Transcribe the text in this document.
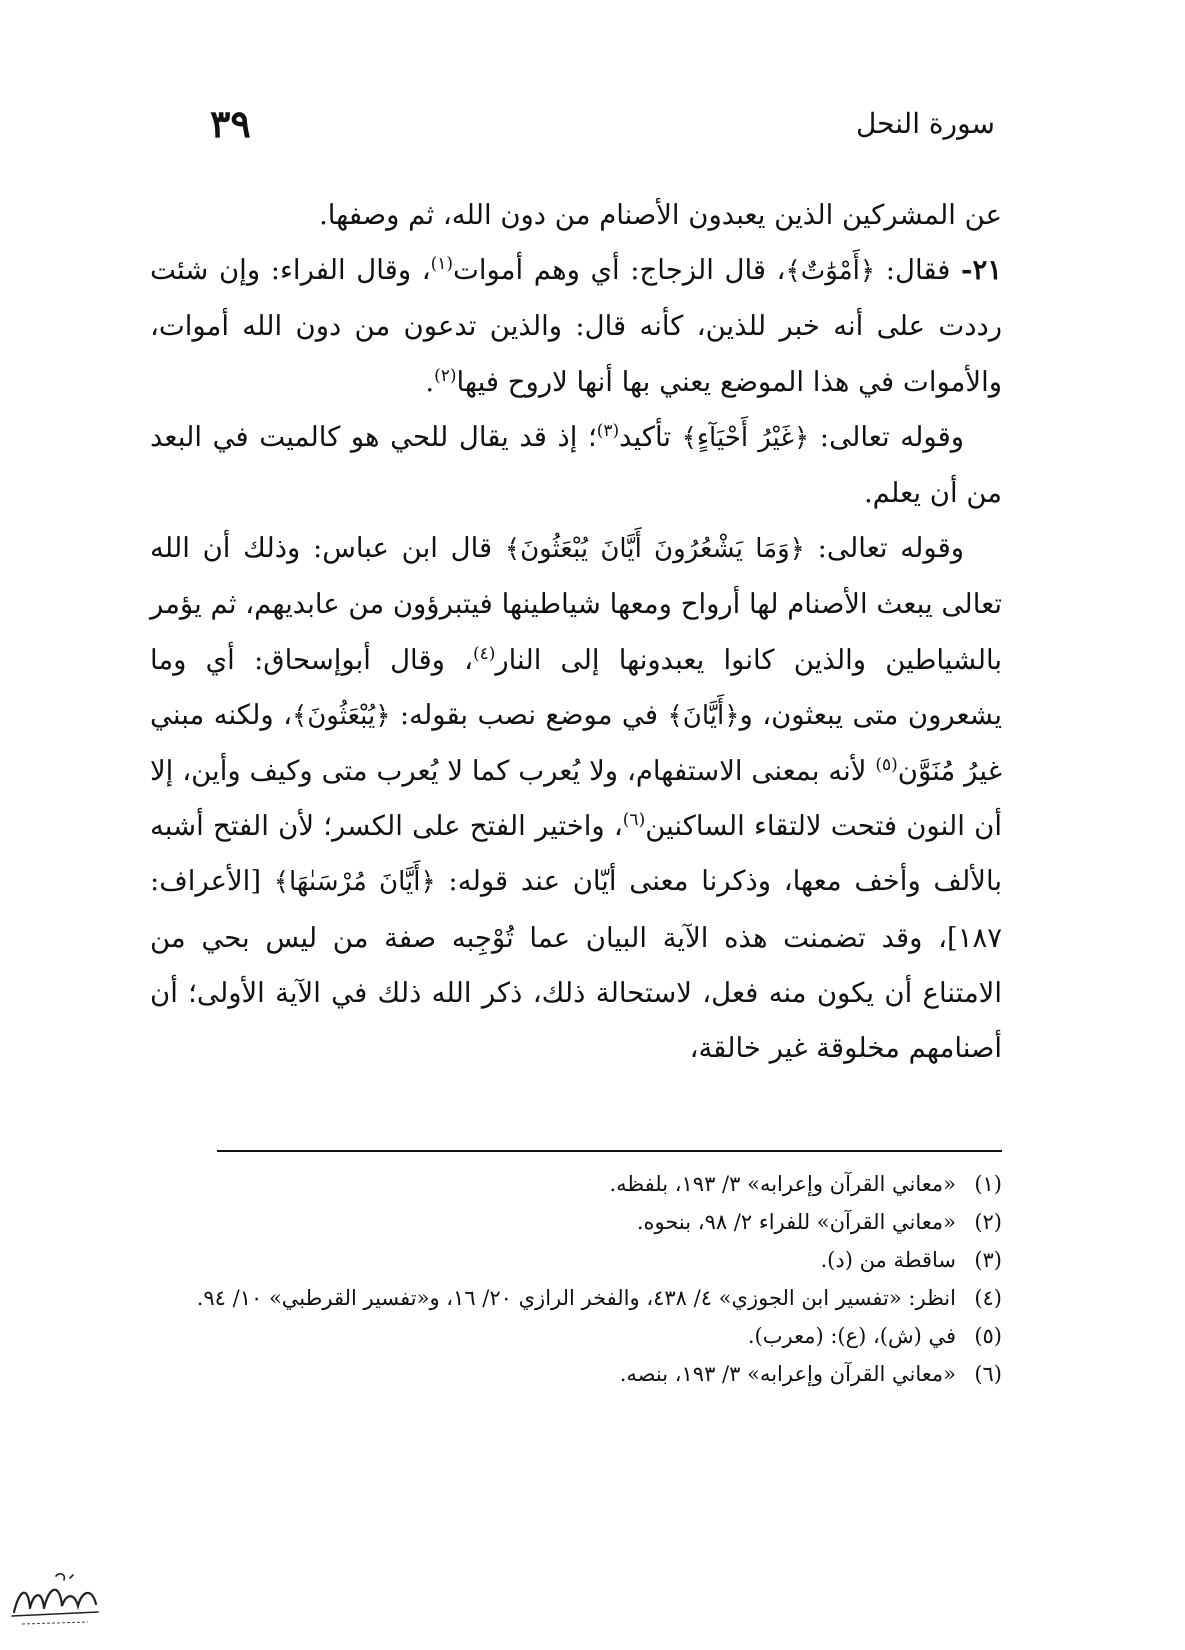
سورة النحل
٣٩

عن المشركين الذين يعبدون الأصنام من دون الله، ثم وصفها.

٢١- فقال: ﴿أَمْوَٰتٌ﴾، قال الزجاج: أي وهم أموات$^{(١)}$، وقال الفراء: وإن شئت رددت على أنه خبر للذين، كأنه قال: والذين تدعون من دون الله أموات، والأموات في هذا الموضع يعني بها أنها لاروح فيها$^{(٢)}$.

وقوله تعالى: ﴿غَيْرُ أَحْيَآءٍ﴾ تأكيد$^{(٣)}$؛ إذ قد يقال للحي هو كالميت في البعد من أن يعلم.

وقوله تعالى: ﴿وَمَا يَشْعُرُونَ أَيَّانَ يُبْعَثُونَ﴾ قال ابن عباس: وذلك أن الله تعالى يبعث الأصنام لها أرواح ومعها شياطينها فيتبرؤون من عابديهم، ثم يؤمر بالشياطين والذين كانوا يعبدونها إلى النار$^{(٤)}$، وقال أبوإسحاق: أي وما يشعرون متى يبعثون، و﴿أَيَّانَ﴾ في موضع نصب بقوله: ﴿يُبْعَثُونَ﴾، ولكنه مبني غيرُ مُنَوَّن$^{(٥)}$ لأنه بمعنى الاستفهام، ولا يُعرب كما لا يُعرب متى وكيف وأين، إلا أن النون فتحت لالتقاء الساكنين$^{(٦)}$، واختير الفتح على الكسر؛ لأن الفتح أشبه بالألف وأخف معها، وذكرنا معنى أيّان عند قوله: ﴿أَيَّانَ مُرْسَىٰهَا﴾ [الأعراف: ١٨٧]، وقد تضمنت هذه الآية البيان عما تُوْجِبه صفة من ليس بحي من الامتناع أن يكون منه فعل، لاستحالة ذلك، ذكر الله ذلك في الآية الأولى؛ أن أصنامهم مخلوقة غير خالقة،

(١)
«معاني القرآن وإعرابه» ٣/ ١٩٣، بلفظه.

(٢)
«معاني القرآن» للفراء ٢/ ٩٨، بنحوه.

(٣)
ساقطة من (د).

(٤)
انظر: «تفسير ابن الجوزي» ٤/ ٤٣٨، والفخر الرازي ٢٠/ ١٦، و«تفسير القرطبي» ١٠/ ٩٤.

(٥)
في (ش)، (ع): (معرب).

(٦)
«معاني القرآن وإعرابه» ٣/ ١٩٣، بنصه.
